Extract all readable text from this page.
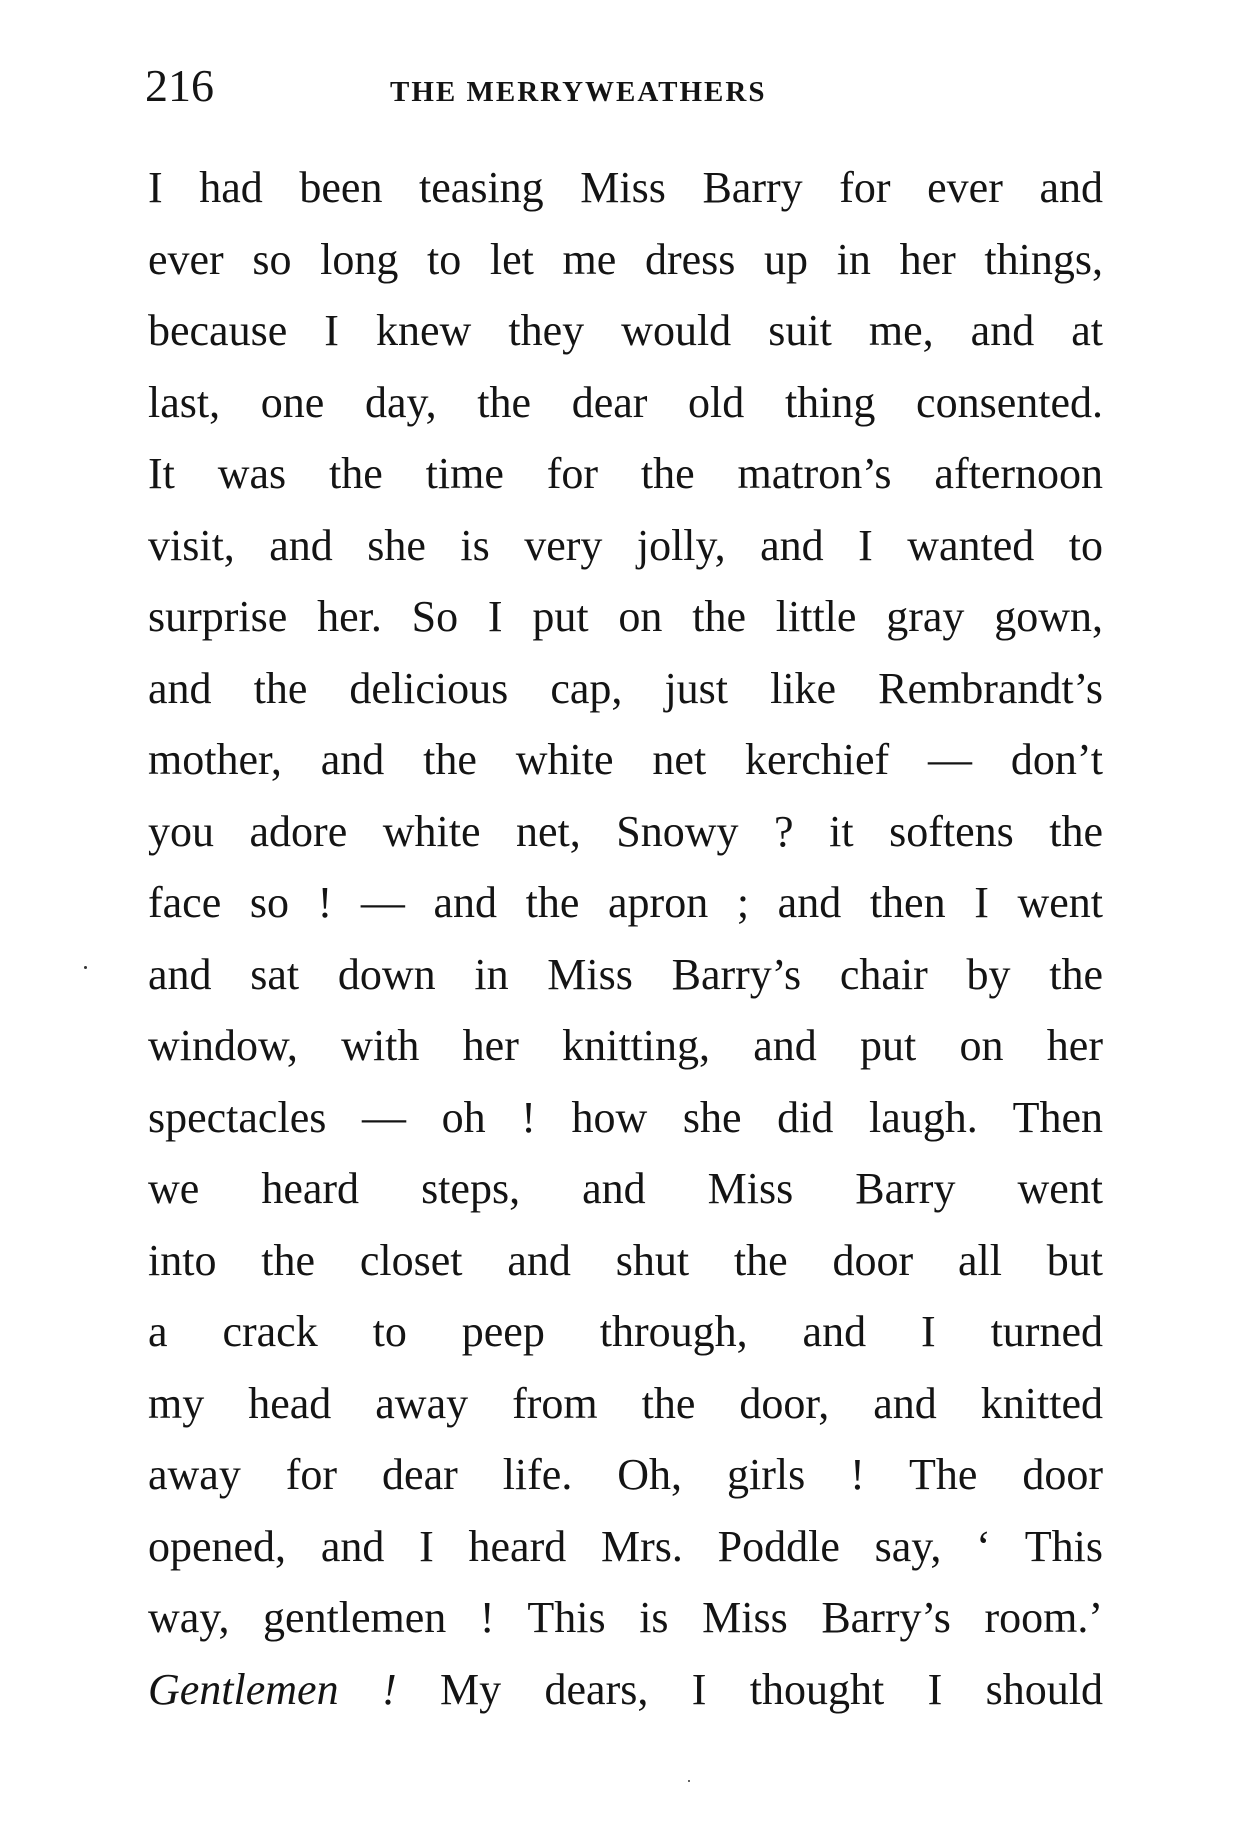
216	THE MERRYWEATHERS
I had been teasing Miss Barry for ever and
ever so long to let me dress up in her things,
because I knew they would suit me, and at
last, one day, the dear old thing consented.
It was the time for the matron’s afternoon
visit, and she is very jolly, and I wanted to
surprise her. So I put on the little gray gown,
and the delicious cap, just like Rembrandt’s
mother, and the white net kerchief — don’t
you adore white net, Snowy ? it softens the
face so ! — and the apron ; and then I went
and sat down in Miss Barry’s chair by the
window, with her knitting, and put on her
spectacles — oh ! how she did laugh. Then
we heard steps, and Miss Barry went
into the closet and shut the door all but
a crack to peep through, and I turned
my head away from the door, and knitted
away for dear life. Oh, girls ! The door
opened, and I heard Mrs. Poddle say, ‘ This
way, gentlemen ! This is Miss Barry’s room.’
Gentlemen ! My dears, I thought I should
